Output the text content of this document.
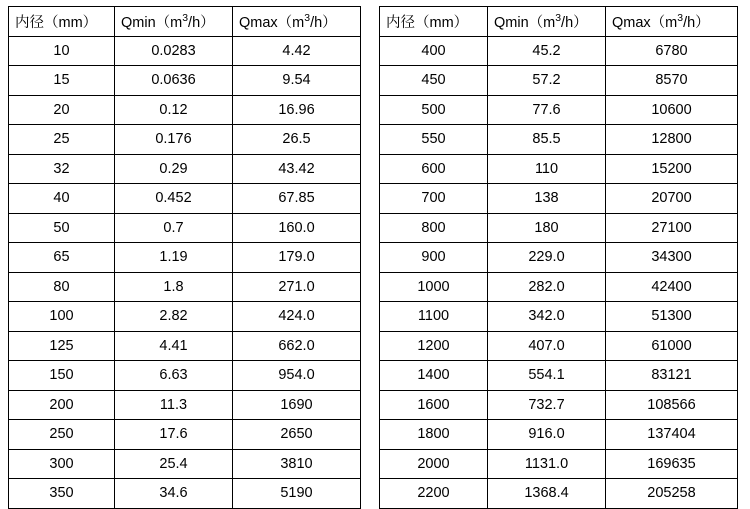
内径（mm）	$Qmin(m^3/h)$	$Qmax(m^3/h)$
10	0.0283	4.42
15	0.0636	9.54
20	0.12	16.96
25	0.176	26.5
32	0.29	43.42
40	0.452	67.85
50	0.7	160.0
65	1.19	179.0
80	1.8	271.0
100	2.82	424.0
125	4.41	662.0
150	6.63	954.0
200	11.3	1690
250	17.6	2650
300	25.4	3810
350	34.6	5190
内径（mm）	$Qmin(m^3/h)$	$Qmax(m^3/h)$
400	45.2	6780
450	57.2	8570
500	77.6	10600
550	85.5	12800
600	110	15200
700	138	20700
800	180	27100
900	229.0	34300
1000	282.0	42400
1100	342.0	51300
1200	407.0	61000
1400	554.1	83121
1600	732.7	108566
1800	916.0	137404
2000	1131.0	169635
2200	1368.4	205258
